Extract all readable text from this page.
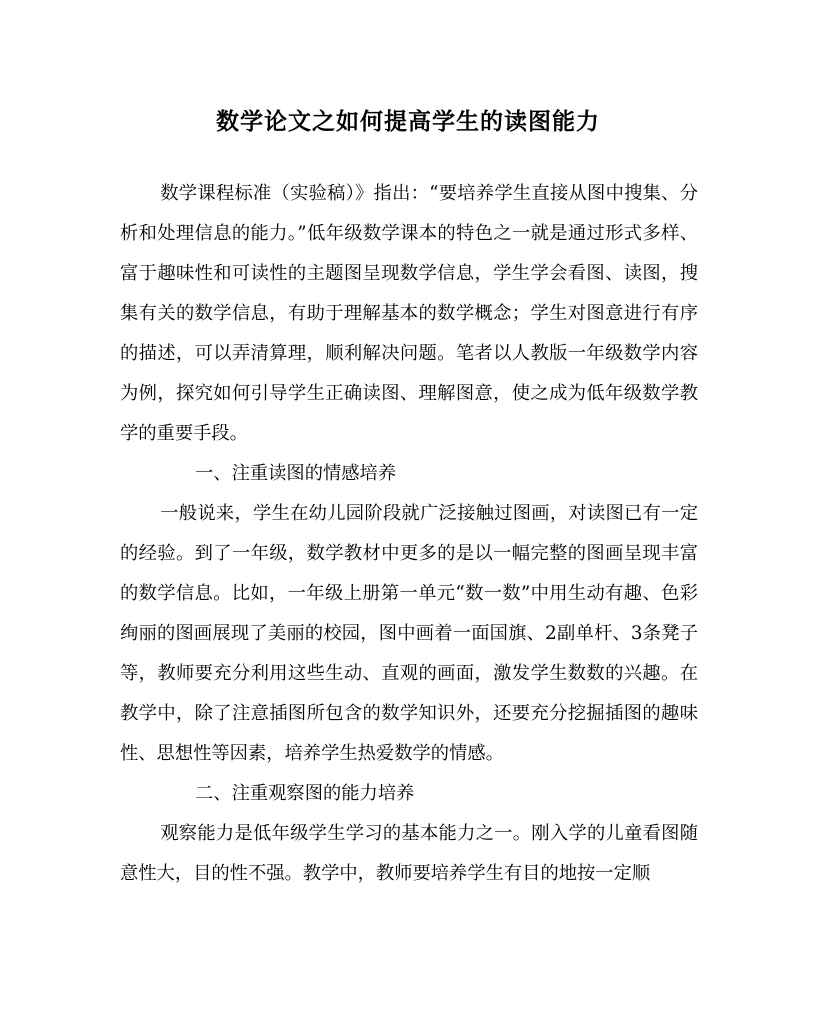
数学论文之如何提高学生的读图能力

数学课程标准（实验稿）》指出：“要培养学生直接从图中搜集、分析和处理信息的能力。”低年级数学课本的特色之一就是通过形式多样、富于趣味性和可读性的主题图呈现数学信息，学生学会看图、读图，搜集有关的数学信息，有助于理解基本的数学概念；学生对图意进行有序的描述，可以弄清算理，顺利解决问题。笔者以人教版一年级数学内容为例，探究如何引导学生正确读图、理解图意，使之成为低年级数学教学的重要手段。

一、注重读图的情感培养

一般说来，学生在幼儿园阶段就广泛接触过图画，对读图已有一定的经验。到了一年级，数学教材中更多的是以一幅完整的图画呈现丰富的数学信息。比如，一年级上册第一单元“数一数”中用生动有趣、色彩绚丽的图画展现了美丽的校园，图中画着一面国旗、2副单杆、3条凳子等，教师要充分利用这些生动、直观的画面，激发学生数数的兴趣。在教学中，除了注意插图所包含的数学知识外，还要充分挖掘插图的趣味性、思想性等因素，培养学生热爱数学的情感。

二、注重观察图的能力培养

观察能力是低年级学生学习的基本能力之一。刚入学的儿童看图随意性大，目的性不强。教学中，教师要培养学生有目的地按一定顺
